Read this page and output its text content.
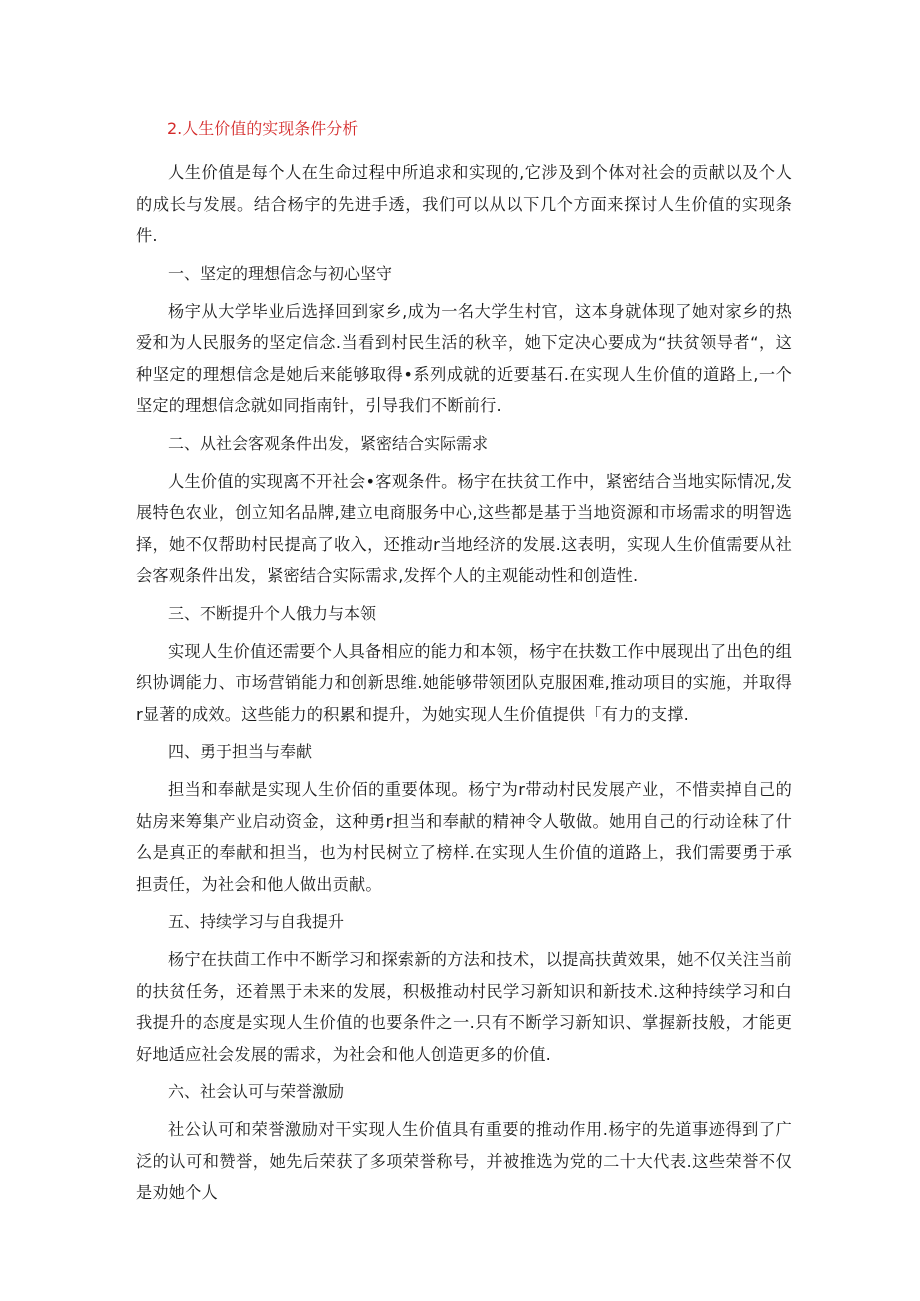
2.人生价值的实现条件分析

人生价值是每个人在生命过程中所追求和实现的,它涉及到个体对社会的贡献以及个人的成长与发展。结合杨宇的先进手透，我们可以从以下几个方面来探讨人生价值的实现条件.

一、坚定的理想信念与初心坚守

杨宇从大学毕业后选择回到家乡,成为一名大学生村官，这本身就体现了她对家乡的热爱和为人民服务的坚定信念.当看到村民生活的秋辛，她下定决心要成为“扶贫领导者“，这种坚定的理想信念是她后来能够取得•系列成就的近要基石.在实现人生价值的道路上,一个坚定的理想信念就如同指南针，引导我们不断前行.

二、从社会客观条件出发，紧密结合实际需求

人生价值的实现离不开社会•客观条件。杨宇在扶贫工作中，紧密结合当地实际情况,发展特色农业，创立知名品牌,建立电商服务中心,这些都是基于当地资源和市场需求的明智选择，她不仅帮助村民提高了收入，还推动r当地经济的发展.这表明，实现人生价值需要从社会客观条件出发，紧密结合实际需求,发挥个人的主观能动性和创造性.

三、不断提升个人俄力与本领

实现人生价值还需要个人具备相应的能力和本领，杨宇在扶数工作中展现出了出色的组织协调能力、市场营销能力和创新思维.她能够带领团队克服困难,推动项目的实施，并取得r显著的成效。这些能力的积累和提升，为她实现人生价值提供「有力的支撑.

四、勇于担当与奉献

担当和奉献是实现人生价佰的重要体现。杨宁为r带动村民发展产业，不惜卖掉自己的姑房来筹集产业启动资金，这种勇r担当和奉献的精神令人敬做。她用自己的行动诠秣了什么是真正的奉献和担当，也为村民树立了榜样.在实现人生价值的道路上，我们需要勇于承担责任，为社会和他人做出贡献。

五、持续学习与自我提升

杨宁在扶茴工作中不断学习和探索新的方法和技术，以提高扶黄效果，她不仅关注当前的扶贫任务，还着黑于未来的发展，积极推动村民学习新知识和新技术.这种持续学习和白我提升的态度是实现人生价值的也要条件之一.只有不断学习新知识、掌握新技般，才能更好地适应社会发展的需求，为社会和他人创造更多的价值.

六、社会认可与荣誉激励

社公认可和荣誉激励对干实现人生价值具有重要的推动作用.杨宇的先道事迹得到了广泛的认可和赞誉，她先后荣获了多项荣誉称号，并被推选为党的二十大代表.这些荣誉不仅是劝她个人
